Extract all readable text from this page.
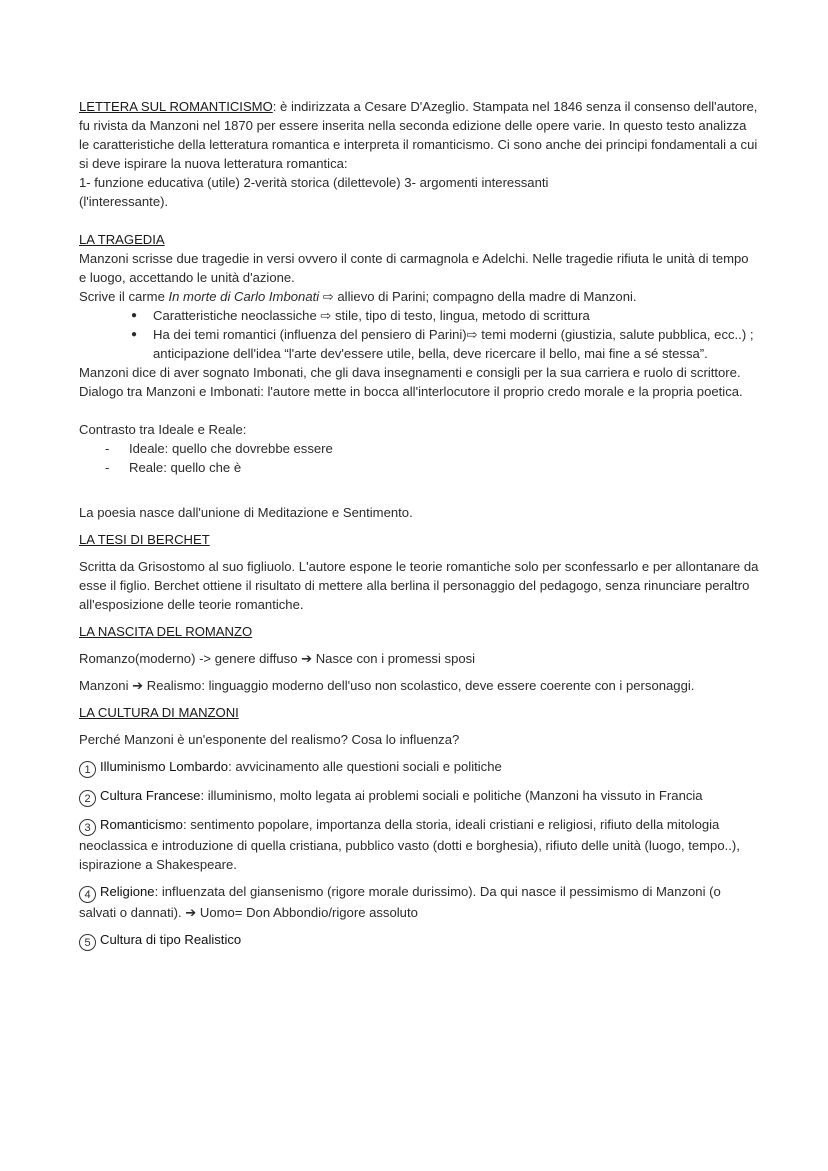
LETTERA SUL ROMANTICISMO: è indirizzata a Cesare D'Azeglio. Stampata nel 1846 senza il consenso dell'autore, fu rivista da Manzoni nel 1870 per essere inserita nella seconda edizione delle opere varie. In questo testo analizza le caratteristiche della letteratura romantica e interpreta il romanticismo. Ci sono anche dei principi fondamentali a cui si deve ispirare la nuova letteratura romantica:

1- funzione educativa (utile) 2-verità storica (dilettevole) 3- argomenti interessanti (l'interessante).

LA TRAGEDIA

Manzoni scrisse due tragedie in versi ovvero il conte di carmagnola e Adelchi. Nelle tragedie rifiuta le unità di tempo e luogo, accettando le unità d'azione.

Scrive il carme In morte di Carlo Imbonati ⇨ allievo di Parini; compagno della madre di Manzoni.

● Caratteristiche neoclassiche ⇨ stile, tipo di testo, lingua, metodo di scrittura
● Ha dei temi romantici (influenza del pensiero di Parini)⇨ temi moderni (giustizia, salute pubblica, ecc..) ; anticipazione dell'idea “l'arte dev'essere utile, bella, deve ricercare il bello, mai fine a sé stessa”.

Manzoni dice di aver sognato Imbonati, che gli dava insegnamenti e consigli per la sua carriera e ruolo di scrittore. Dialogo tra Manzoni e Imbonati: l'autore mette in bocca all'interlocutore il proprio credo morale e la propria poetica.

Contrasto tra Ideale e Reale:

- Ideale: quello che dovrebbe essere
- Reale: quello che è

La poesia nasce dall'unione di Meditazione e Sentimento.

LA TESI DI BERCHET

Scritta da Grisostomo al suo figliuolo. L'autore espone le teorie romantiche solo per sconfessarlo e per allontanare da esse il figlio. Berchet ottiene il risultato di mettere alla berlina il personaggio del pedagogo, senza rinunciare peraltro all'esposizione delle teorie romantiche.

LA NASCITA DEL ROMANZO

Romanzo(moderno) -> genere diffuso ➔ Nasce con i promessi sposi

Manzoni ➔ Realismo: linguaggio moderno dell'uso non scolastico, deve essere coerente con i personaggi.

LA CULTURA DI MANZONI

Perché Manzoni è un'esponente del realismo? Cosa lo influenza?

1 Illuminismo Lombardo: avvicinamento alle questioni sociali e politiche

2 Cultura Francese: illuminismo, molto legata ai problemi sociali e politiche (Manzoni ha vissuto in Francia

3 Romanticismo: sentimento popolare, importanza della storia, ideali cristiani e religiosi, rifiuto della mitologia neoclassica e introduzione di quella cristiana, pubblico vasto (dotti e borghesia), rifiuto delle unità (luogo, tempo..), ispirazione a Shakespeare.

4 Religione: influenzata del giansenismo (rigore morale durissimo). Da qui nasce il pessimismo di Manzoni (o salvati o dannati). ➔ Uomo= Don Abbondio/rigore assoluto

5 Cultura di tipo Realistico
